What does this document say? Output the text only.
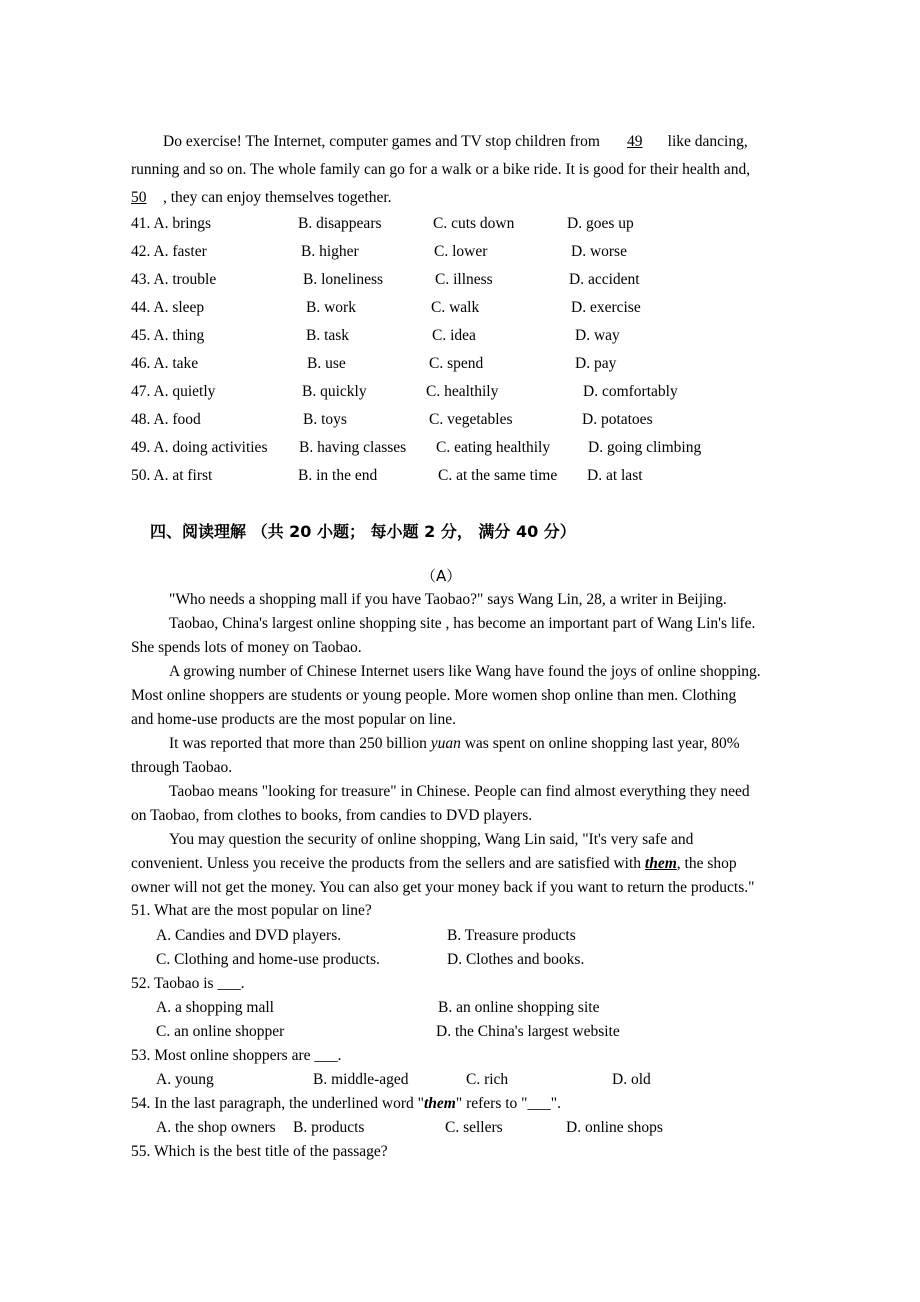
Do exercise! The Internet, computer games and TV stop children from 49 like dancing,
running and so on. The whole family can go for a walk or a bike ride. It is good for their health and,
50 , they can enjoy themselves together.
41. A. brings	B. disappears	C. cuts down	D. goes up
42. A. faster	B. higher	C. lower	D. worse
43. A. trouble	B. loneliness	C. illness	D. accident
44. A. sleep	B. work	C. walk	D. exercise
45. A. thing	B. task	C. idea	D. way
46. A. take	B. use	C. spend	D. pay
47. A. quietly	B. quickly	C. healthily	D. comfortably
48. A. food	B. toys	C. vegetables	D. potatoes
49. A. doing activities B. having classes C. eating healthily D. going climbing
50. A. at first	B. in the end	C. at the same time D. at last
四、阅读理解 （共 20 小题； 每小题 2 分， 满分 40 分）
（A）
"Who needs a shopping mall if you have Taobao?" says Wang Lin, 28, a writer in Beijing.
Taobao, China's largest online shopping site , has become an important part of Wang Lin's life.
She spends lots of money on Taobao.
A growing number of Chinese Internet users like Wang have found the joys of online shopping.
Most online shoppers are students or young people. More women shop online than men. Clothing
and home-use products are the most popular on line.
It was reported that more than 250 billion yuan was spent on online shopping last year, 80%
through Taobao.
Taobao means "looking for treasure" in Chinese. People can find almost everything they need
on Taobao, from clothes to books, from candies to DVD players.
You may question the security of online shopping, Wang Lin said, "It's very safe and
convenient. Unless you receive the products from the sellers and are satisfied with them, the shop
owner will not get the money. You can also get your money back if you want to return the products."
51. What are the most popular on line?
A. Candies and DVD players.	B. Treasure products
C. Clothing and home-use products.	D. Clothes and books.
52. Taobao is ___.
A. a shopping mall	B. an online shopping site
C. an online shopper	D. the China's largest website
53. Most online shoppers are ___.
A. young	B. middle-aged	C. rich	D. old
54. In the last paragraph, the underlined word "them" refers to "___".
A. the shop owners B. products	C. sellers	D. online shops
55. Which is the best title of the passage?
